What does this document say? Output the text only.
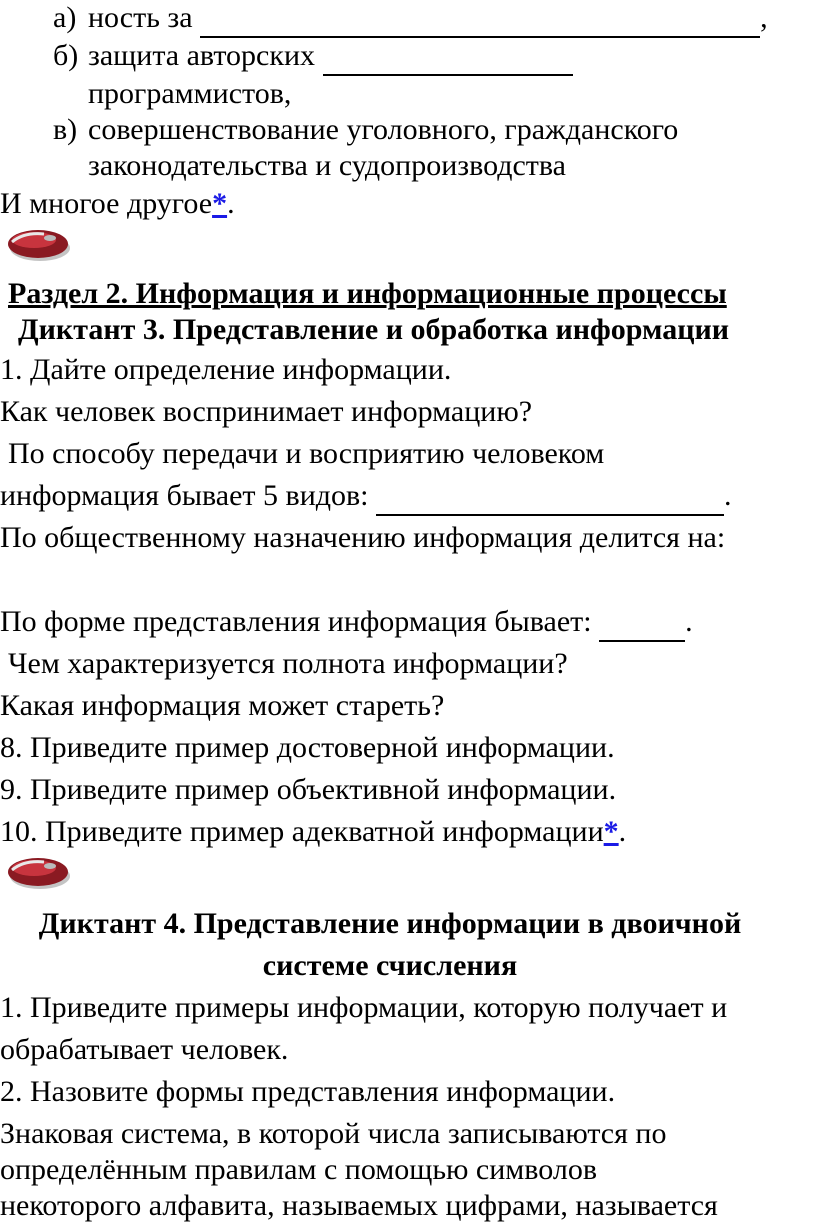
а) ность за	,
б) защита авторских
программистов,
в) совершенствование уголовного, гражданского
законодательства и судопроизводства
И многое другое*.
Раздел 2. Информация и информационные процессы
Диктант 3. Представление и обработка информации
1. Дайте определение информации.
Как человек воспринимает информацию?
По способу передачи и восприятию человеком
информация бывает 5 видов:	.
По общественному назначению информация делится на:
По форме представления информация бывает:	.
Чем характеризуется полнота информации?
Какая информация может стареть?
8. Приведите пример достоверной информации.
9. Приведите пример объективной информации.
10. Приведите пример адекватной информации*.
Диктант 4. Представление информации в двоичной
системе счисления
1. Приведите примеры информации, которую получает и
обрабатывает человек.
2. Назовите формы представления информации.
Знаковая система, в которой числа записываются по
определённым правилам с помощью символов
некоторого алфавита, называемых цифрами, называется
